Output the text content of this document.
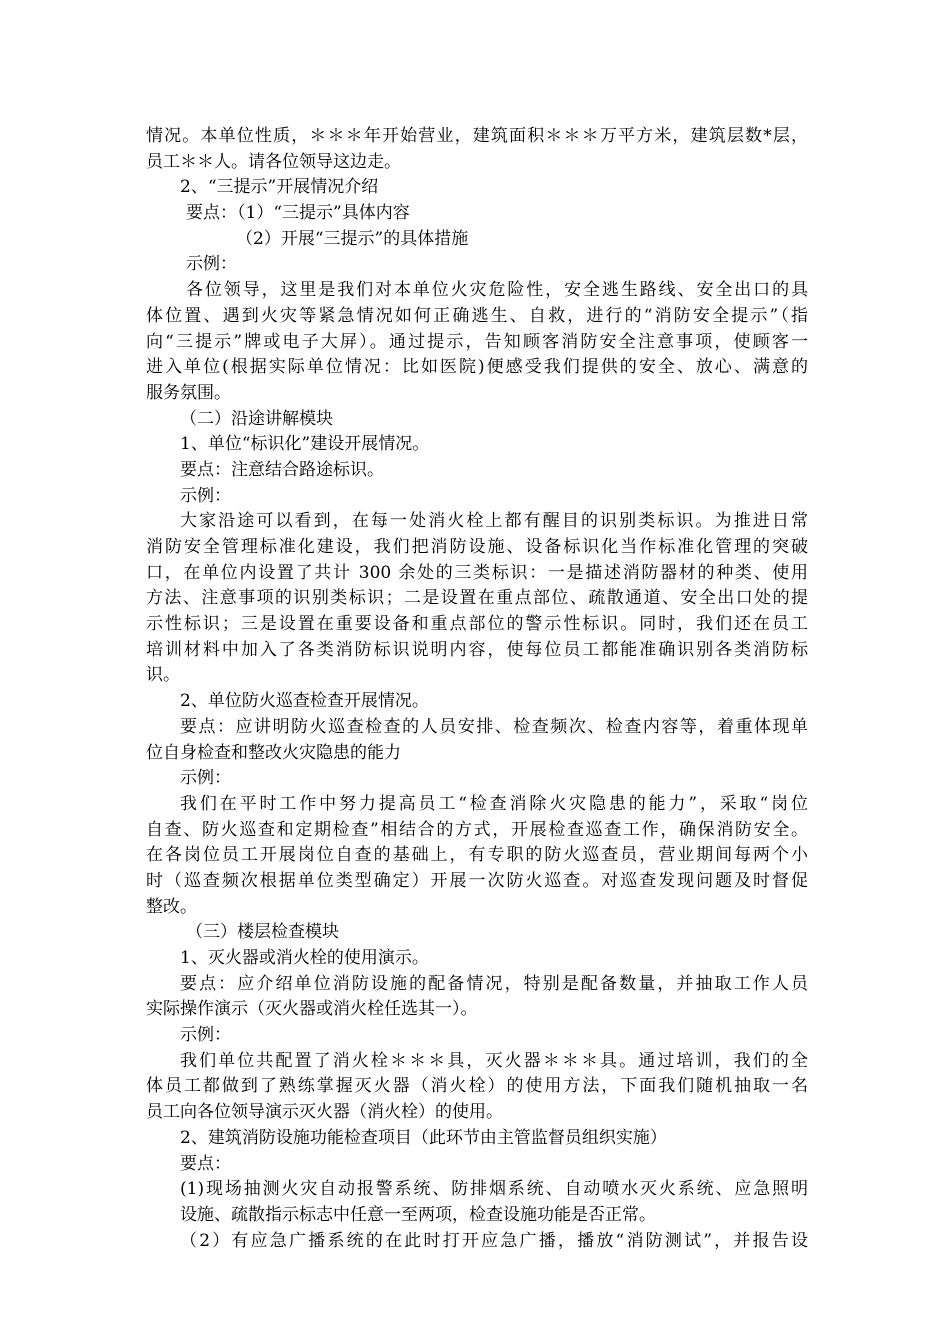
情况。本单位性质，＊＊＊年开始营业，建筑面积＊＊＊万平方米，建筑层数*层，
员工＊＊人。请各位领导这边走。
2、“三提示”开展情况介绍
要点：（1）“三提示”具体内容
（2）开展“三提示”的具体措施
示例：
各位领导，这里是我们对本单位火灾危险性，安全逃生路线、安全出口的具
体位置、遇到火灾等紧急情况如何正确逃生、自救，进行的“消防安全提示”（指
向“三提示”牌或电子大屏）。通过提示，告知顾客消防安全注意事项，使顾客一
进入单位(根据实际单位情况：比如医院)便感受我们提供的安全、放心、满意的
服务氛围。
（二）沿途讲解模块
1、单位“标识化”建设开展情况。
要点：注意结合路途标识。
示例：
大家沿途可以看到，在每一处消火栓上都有醒目的识别类标识。为推进日常
消防安全管理标准化建设，我们把消防设施、设备标识化当作标准化管理的突破
口，在单位内设置了共计 300 余处的三类标识：一是描述消防器材的种类、使用
方法、注意事项的识别类标识；二是设置在重点部位、疏散通道、安全出口处的提
示性标识；三是设置在重要设备和重点部位的警示性标识。同时，我们还在员工
培训材料中加入了各类消防标识说明内容，使每位员工都能准确识别各类消防标
识。
2、单位防火巡查检查开展情况。
要点：应讲明防火巡查检查的人员安排、检查频次、检查内容等，着重体现单
位自身检查和整改火灾隐患的能力
示例：
我们在平时工作中努力提高员工“检查消除火灾隐患的能力”，采取“岗位
自查、防火巡查和定期检查”相结合的方式，开展检查巡查工作，确保消防安全。
在各岗位员工开展岗位自查的基础上，有专职的防火巡查员，营业期间每两个小
时（巡查频次根据单位类型确定）开展一次防火巡查。对巡查发现问题及时督促
整改。
（三）楼层检查模块
1、灭火器或消火栓的使用演示。
要点：应介绍单位消防设施的配备情况，特别是配备数量，并抽取工作人员
实际操作演示（灭火器或消火栓任选其一）。
示例：
我们单位共配置了消火栓＊＊＊具，灭火器＊＊＊具。通过培训，我们的全
体员工都做到了熟练掌握灭火器（消火栓）的使用方法，下面我们随机抽取一名
员工向各位领导演示灭火器（消火栓）的使用。
2、建筑消防设施功能检查项目（此环节由主管监督员组织实施）
要点：
(1)现场抽测火灾自动报警系统、防排烟系统、自动喷水灭火系统、应急照明
设施、疏散指示标志中任意一至两项，检查设施功能是否正常。
（2）有应急广播系统的在此时打开应急广播，播放“消防测试”，并报告设
